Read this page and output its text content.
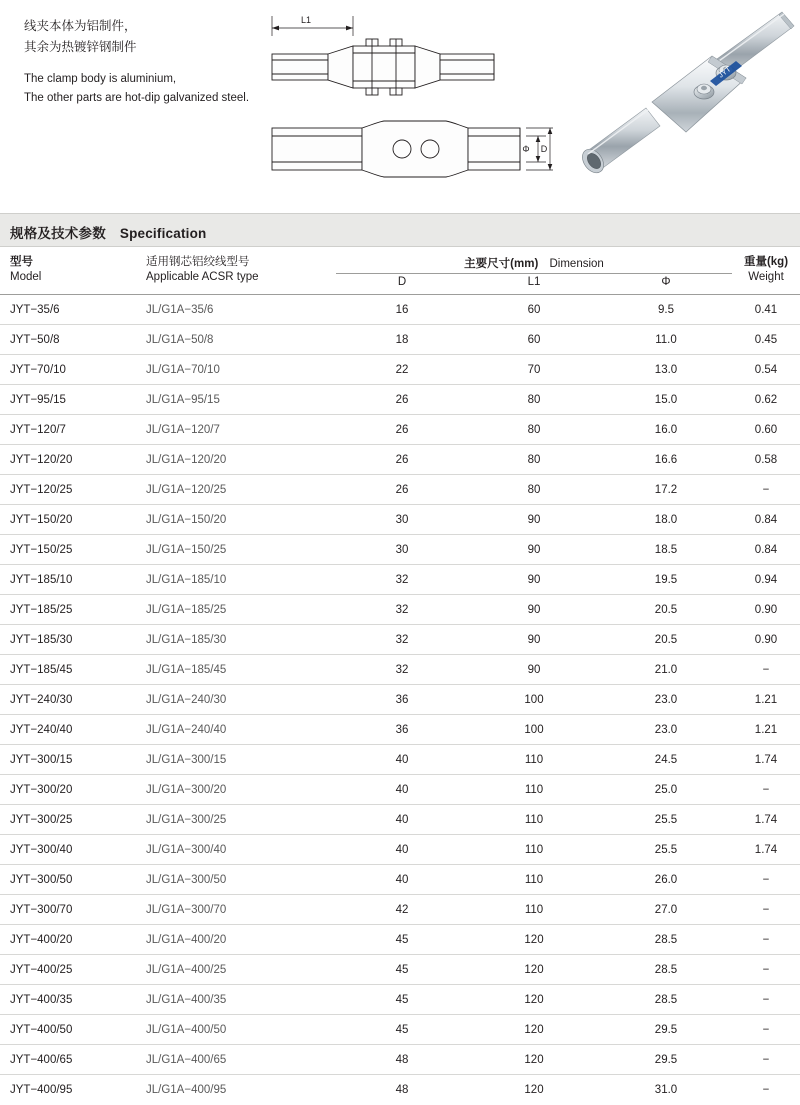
线夹本体为铝制件，
其余为热镀锌钢制件
The clamp body is aluminium,
The other parts are hot-dip galvanized steel.
L1
Φ D
JYT
规格及技术参数 Specification
型号
Model	适用钢芯铝绞线型号
Applicable ACSR type	主要尺寸(mm) Dimension			重量(kg)
Weight

		D	L1	Φ	
JYT−35/6	JL/G1A−35/6	16	60	9.5	0.41
JYT−50/8	JL/G1A−50/8	18	60	11.0	0.45
JYT−70/10	JL/G1A−70/10	22	70	13.0	0.54
JYT−95/15	JL/G1A−95/15	26	80	15.0	0.62
JYT−120/7	JL/G1A−120/7	26	80	16.0	0.60
JYT−120/20	JL/G1A−120/20	26	80	16.6	0.58
JYT−120/25	JL/G1A−120/25	26	80	17.2	−
JYT−150/20	JL/G1A−150/20	30	90	18.0	0.84
JYT−150/25	JL/G1A−150/25	30	90	18.5	0.84
JYT−185/10	JL/G1A−185/10	32	90	19.5	0.94
JYT−185/25	JL/G1A−185/25	32	90	20.5	0.90
JYT−185/30	JL/G1A−185/30	32	90	20.5	0.90
JYT−185/45	JL/G1A−185/45	32	90	21.0	−
JYT−240/30	JL/G1A−240/30	36	100	23.0	1.21
JYT−240/40	JL/G1A−240/40	36	100	23.0	1.21
JYT−300/15	JL/G1A−300/15	40	110	24.5	1.74
JYT−300/20	JL/G1A−300/20	40	110	25.0	−
JYT−300/25	JL/G1A−300/25	40	110	25.5	1.74
JYT−300/40	JL/G1A−300/40	40	110	25.5	1.74
JYT−300/50	JL/G1A−300/50	40	110	26.0	−
JYT−300/70	JL/G1A−300/70	42	110	27.0	−
JYT−400/20	JL/G1A−400/20	45	120	28.5	−
JYT−400/25	JL/G1A−400/25	45	120	28.5	−
JYT−400/35	JL/G1A−400/35	45	120	28.5	−
JYT−400/50	JL/G1A−400/50	45	120	29.5	−
JYT−400/65	JL/G1A−400/65	48	120	29.5	−
JYT−400/95	JL/G1A−400/95	48	120	31.0	−
